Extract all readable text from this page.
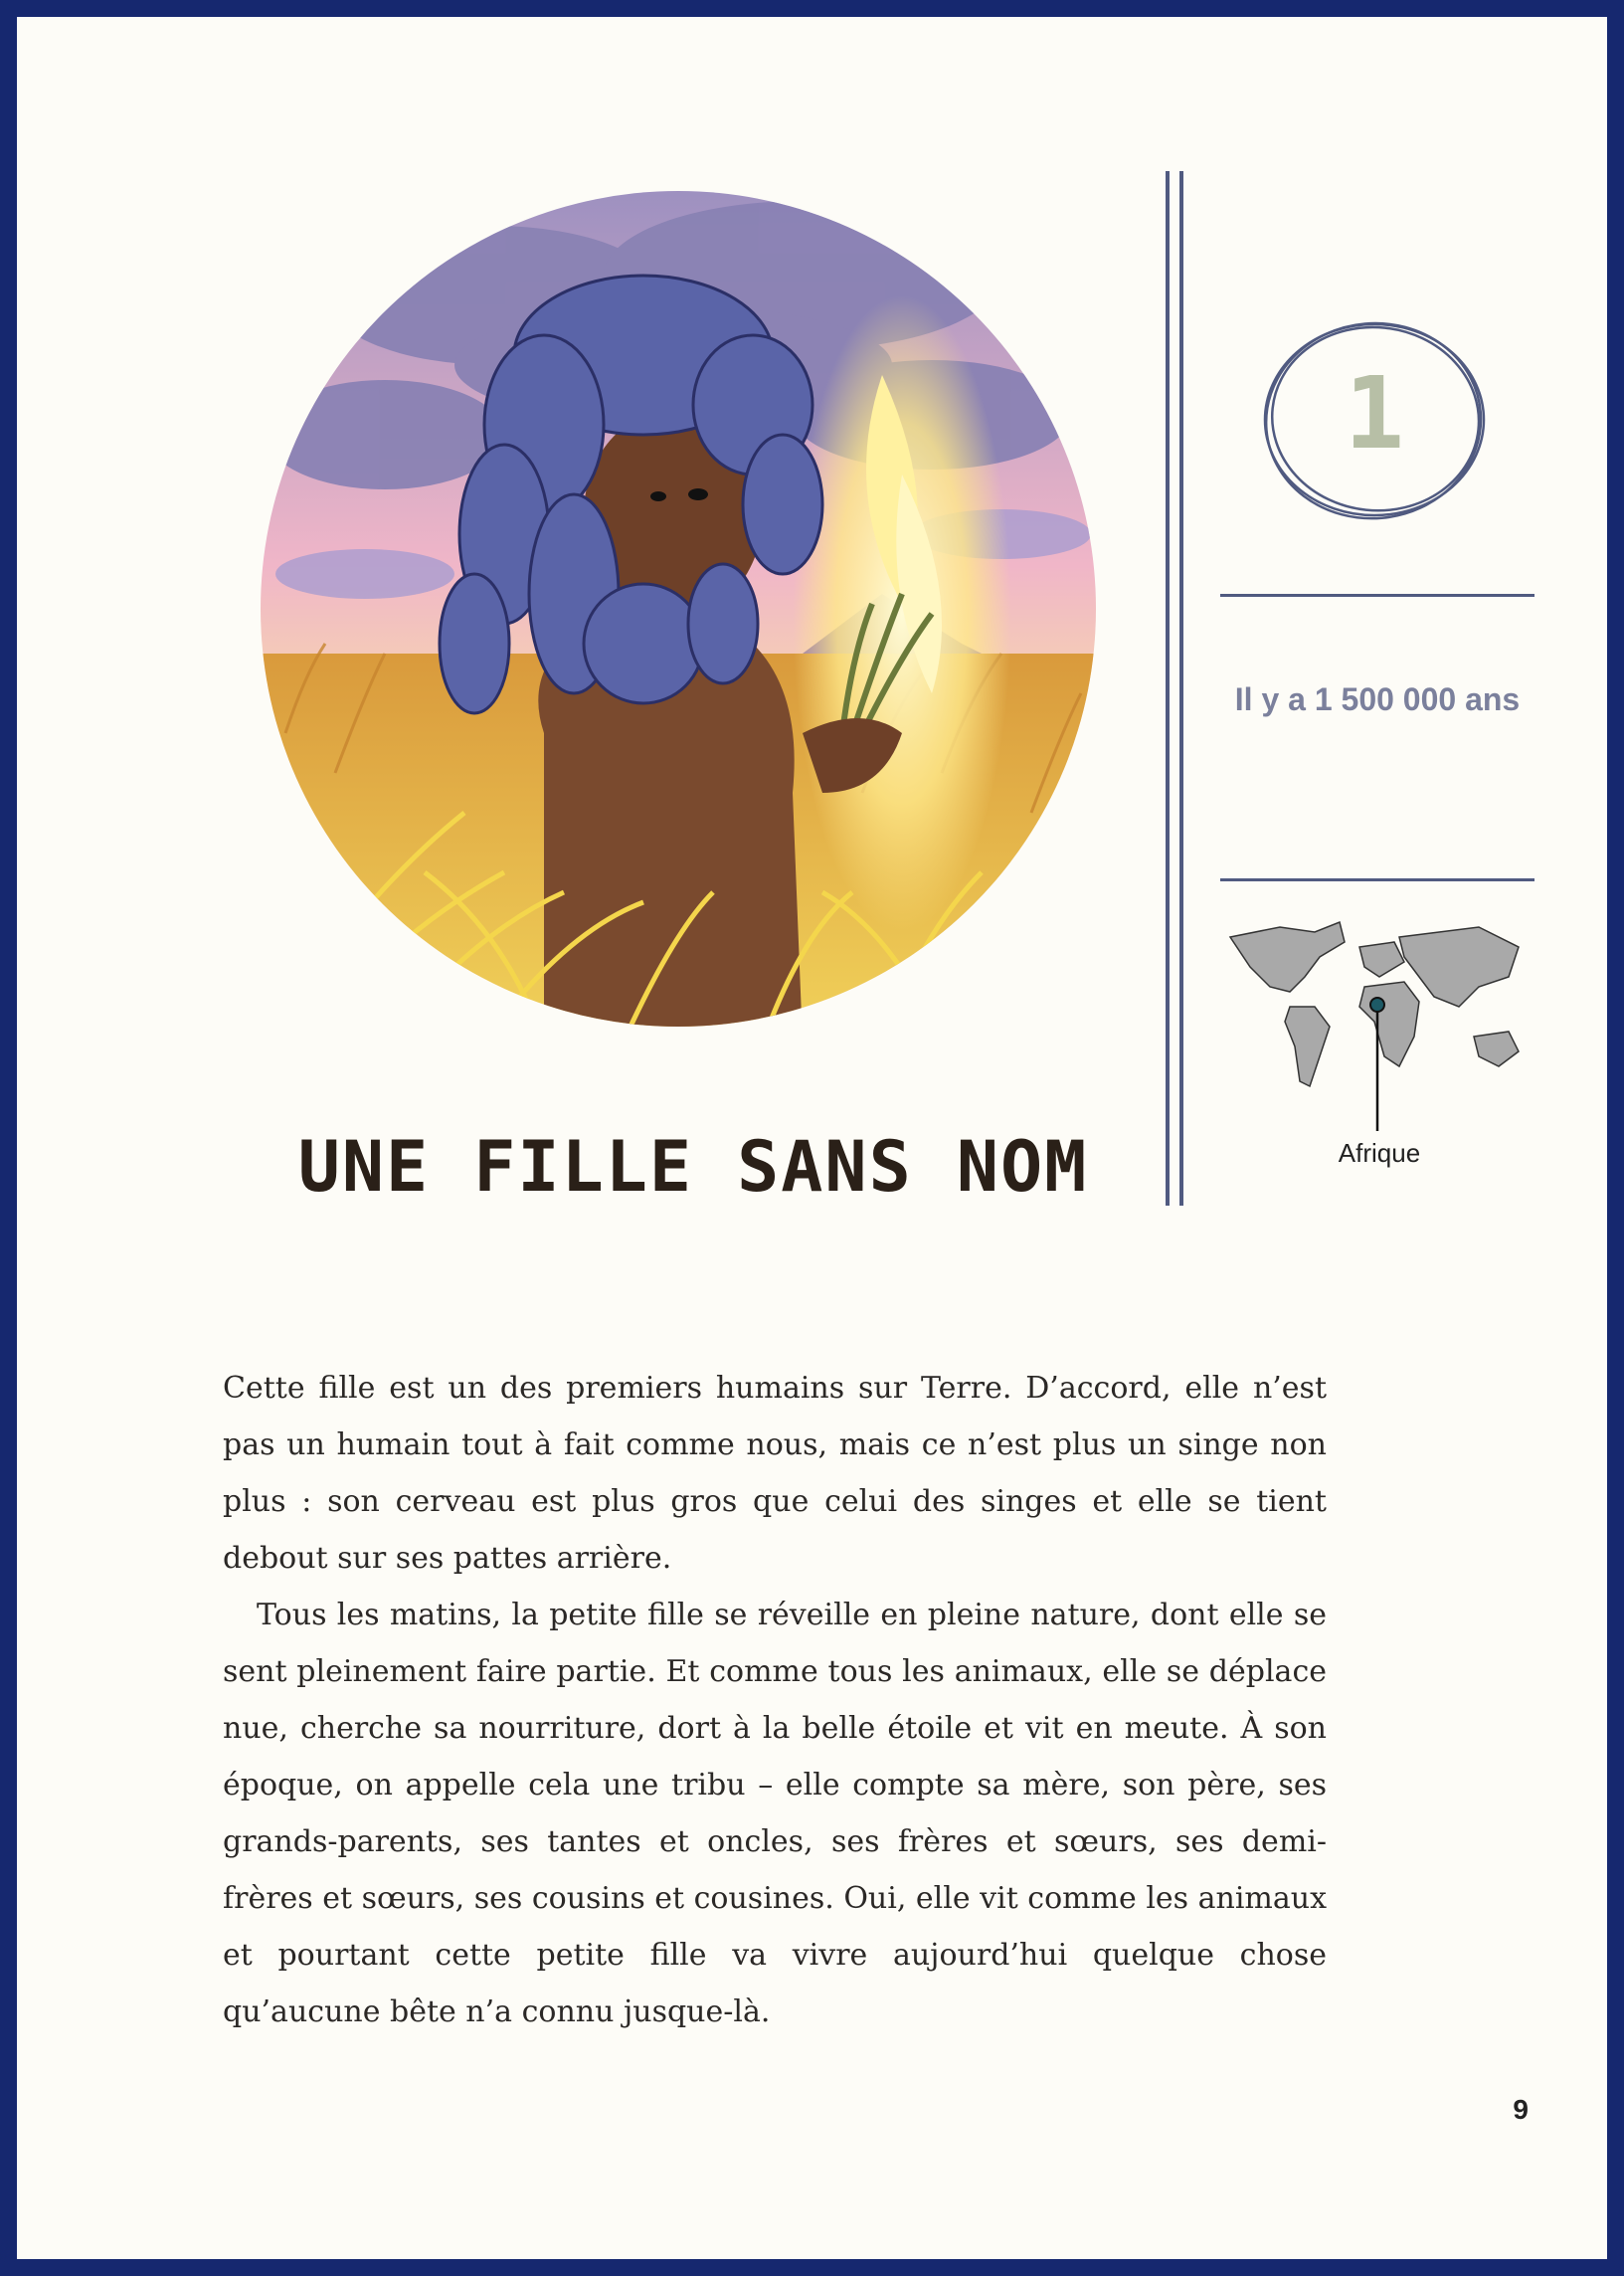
UNE FILLE SANS NOM
1
Il y a 1 500 000 ans
Afrique

Cette fille est un des premiers humains sur Terre. D’accord, elle n’est pas un humain tout à fait comme nous, mais ce n’est plus un singe non plus : son cerveau est plus gros que celui des singes et elle se tient debout sur ses pattes arrière.

Tous les matins, la petite fille se réveille en pleine nature, dont elle se sent pleinement faire partie. Et comme tous les animaux, elle se déplace nue, cherche sa nourriture, dort à la belle étoile et vit en meute. À son époque, on appelle cela une tribu – elle compte sa mère, son père, ses grands-parents, ses tantes et oncles, ses frères et sœurs, ses demi-frères et sœurs, ses cousins et cousines. Oui, elle vit comme les animaux et pourtant cette petite fille va vivre aujourd’hui quelque chose qu’aucune bête n’a connu jusque-là.

9
